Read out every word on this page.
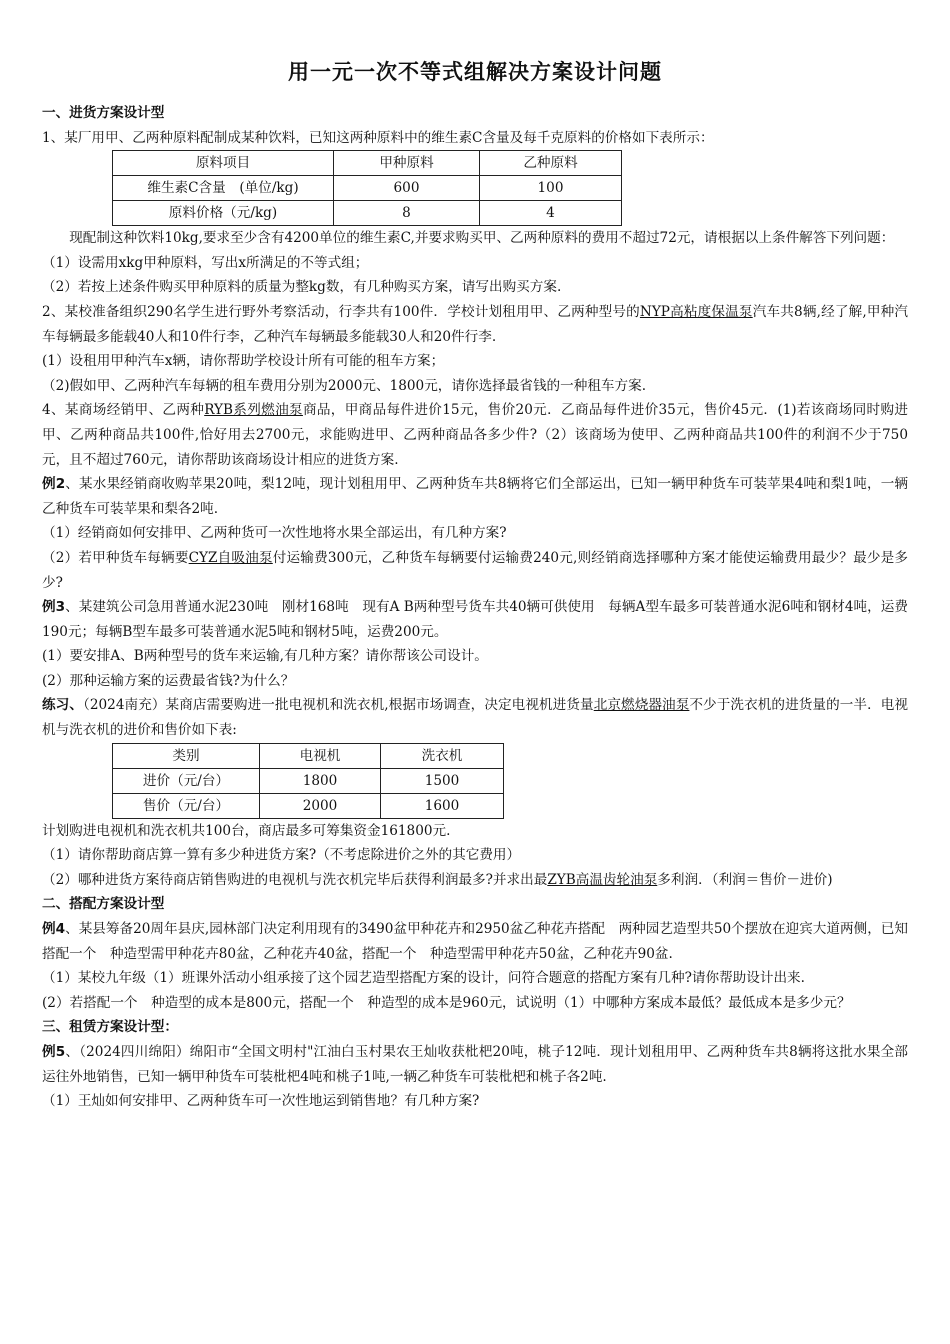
用一元一次不等式组解决方案设计问题

一、进货方案设计型

1、某厂用甲、乙两种原料配制成某种饮料，已知这两种原料中的维生素C含量及每千克原料的价格如下表所示：

原料项目	甲种原料	乙种原料
维生素C含量　(单位/kg)	600	100
原料价格（元/kg)	8	4

现配制这种饮料10kg,要求至少含有4200单位的维生素C,并要求购买甲、乙两种原料的费用不超过72元，请根据以上条件解答下列问题：

（1）设需用xkg甲种原料，写出x所满足的不等式组；

（2）若按上述条件购买甲种原料的质量为整kg数，有几种购买方案，请写出购买方案.

2、某校准备组织290名学生进行野外考察活动，行李共有100件．学校计划租用甲、乙两种型号的NYP高粘度保温泵汽车共8辆,经了解,甲种汽车每辆最多能载40人和10件行李，乙种汽车每辆最多能载30人和20件行李.

(1）设租用甲种汽车x辆，请你帮助学校设计所有可能的租车方案；

（2)假如甲、乙两种汽车每辆的租车费用分别为2000元、1800元，请你选择最省钱的一种租车方案.

4、某商场经销甲、乙两种RYB系列燃油泵商品，甲商品每件进价15元，售价20元．乙商品每件进价35元，售价45元．(1)若该商场同时购进甲、乙两种商品共100件,恰好用去2700元，求能购进甲、乙两种商品各多少件?（2）该商场为使甲、乙两种商品共100件的利润不少于750元，且不超过760元，请你帮助该商场设计相应的进货方案.

例2、某水果经销商收购苹果20吨，梨12吨，现计划租用甲、乙两种货车共8辆将它们全部运出，已知一辆甲种货车可装苹果4吨和梨1吨，一辆乙种货车可装苹果和梨各2吨.

（1）经销商如何安排甲、乙两种货可一次性地将水果全部运出，有几种方案?

（2）若甲种货车每辆要CYZ自吸油泵付运输费300元，乙种货车每辆要付运输费240元,则经销商选择哪种方案才能使运输费用最少？最少是多少?

例3、某建筑公司急用普通水泥230吨　刚材168吨　现有A B两种型号货车共40辆可供使用　每辆A型车最多可装普通水泥6吨和钢材4吨，运费190元；每辆B型车最多可装普通水泥5吨和钢材5吨，运费200元。

(1）要安排A、B两种型号的货车来运输,有几种方案？请你帮该公司设计。

(2）那种运输方案的运费最省钱?为什么？

练习、（2024南充）某商店需要购进一批电视机和洗衣机,根据市场调查，决定电视机进货量北京燃烧器油泵不少于洗衣机的进货量的一半．电视机与洗衣机的进价和售价如下表:

类别	电视机	洗衣机
进价（元/台）	1800	1500
售价（元/台）	2000	1600

计划购进电视机和洗衣机共100台，商店最多可筹集资金161800元.

（1）请你帮助商店算一算有多少种进货方案?（不考虑除进价之外的其它费用）

（2）哪种进货方案待商店销售购进的电视机与洗衣机完毕后获得利润最多?并求出最ZYB高温齿轮油泵多利润．（利润＝售价－进价)

二、搭配方案设计型

例4、某县筹备20周年县庆,园林部门决定利用现有的3490盆甲种花卉和2950盆乙种花卉搭配　两种园艺造型共50个摆放在迎宾大道两侧，已知搭配一个　种造型需甲种花卉80盆，乙种花卉40盆，搭配一个　种造型需甲种花卉50盆，乙种花卉90盆.

（1）某校九年级（1）班课外活动小组承接了这个园艺造型搭配方案的设计，问符合题意的搭配方案有几种?请你帮助设计出来.

(2）若搭配一个　种造型的成本是800元，搭配一个　种造型的成本是960元，试说明（1）中哪种方案成本最低？最低成本是多少元？

三、租赁方案设计型：

例5、（2024四川绵阳）绵阳市“全国文明村"江油白玉村果农王灿收获枇杷20吨，桃子12吨．现计划租用甲、乙两种货车共8辆将这批水果全部运往外地销售，已知一辆甲种货车可装枇杷4吨和桃子1吨,一辆乙种货车可装枇杷和桃子各2吨.

（1）王灿如何安排甲、乙两种货车可一次性地运到销售地？有几种方案?
